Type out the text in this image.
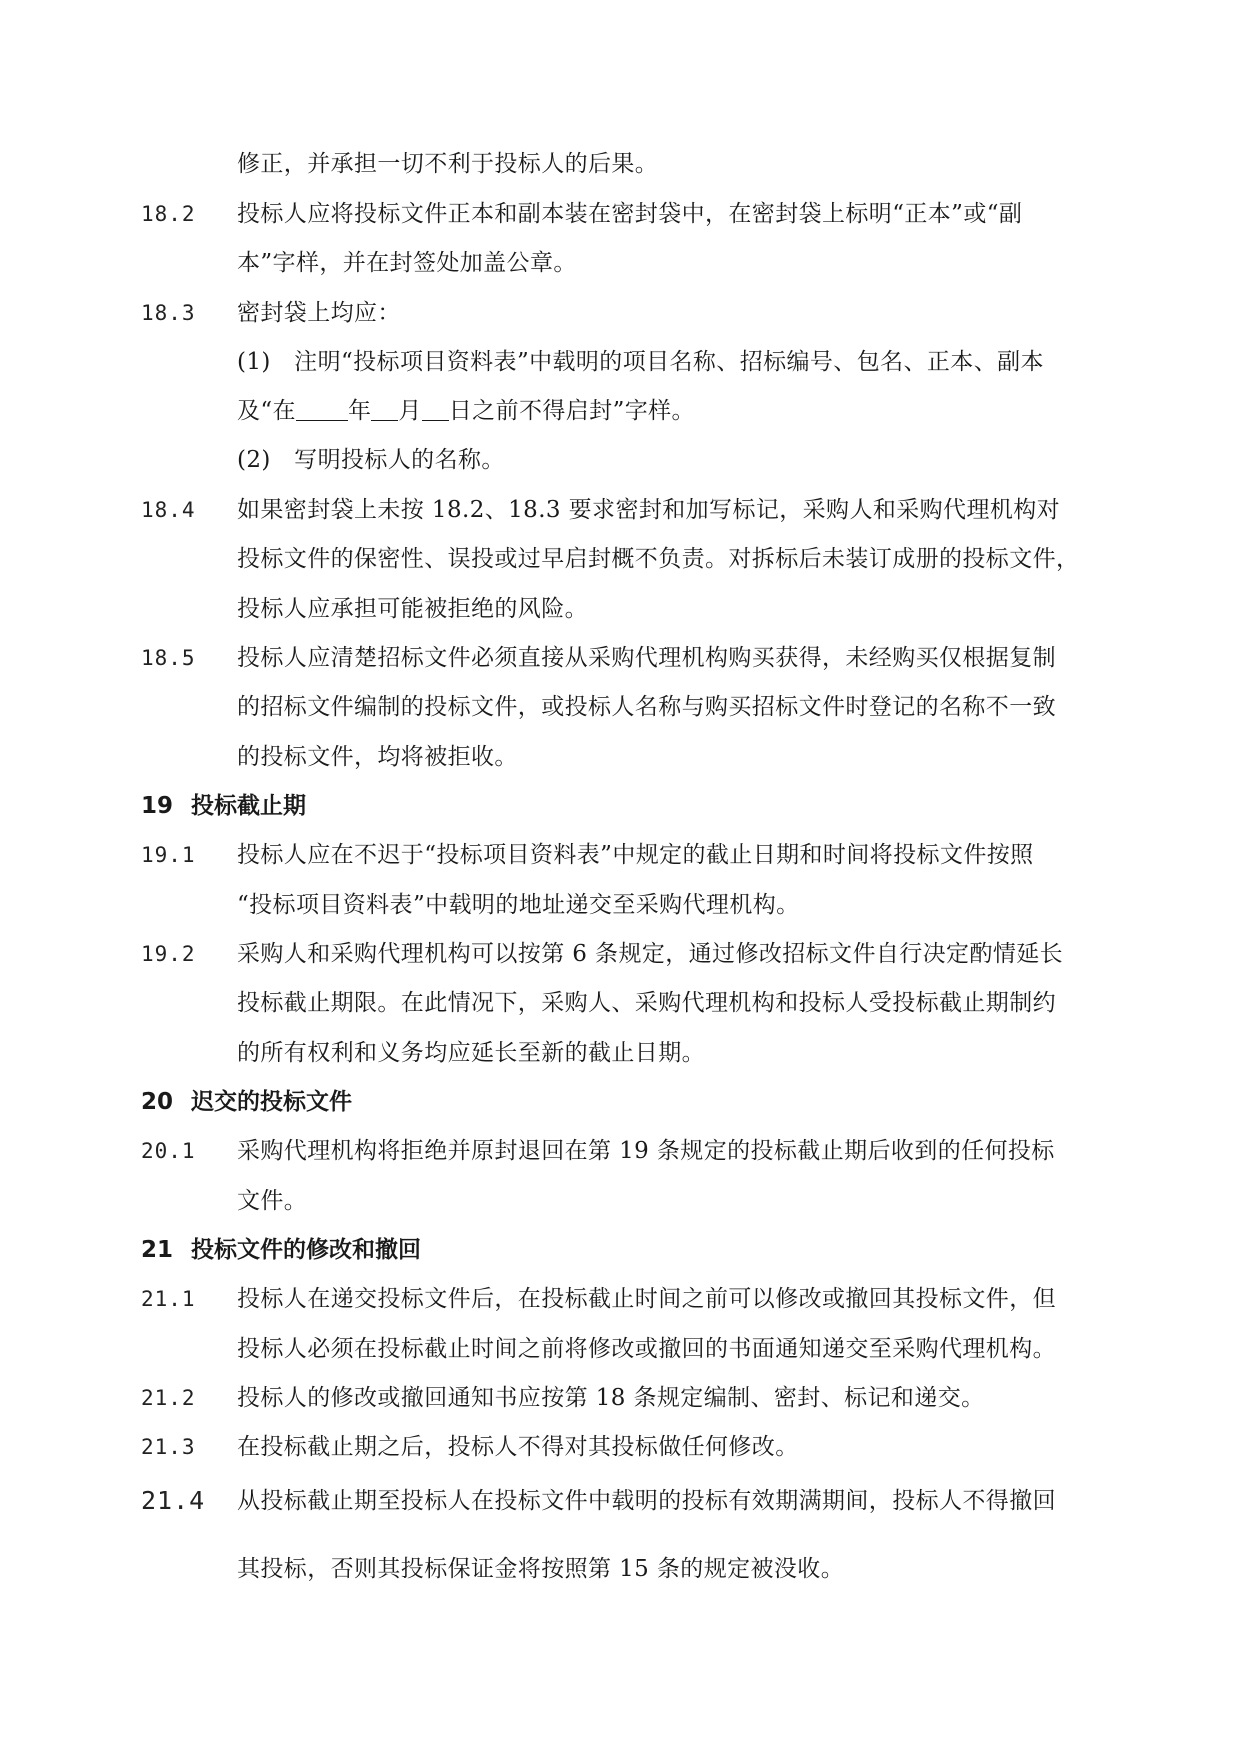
修正，并承担一切不利于投标人的后果。
18.2 投标人应将投标文件正本和副本装在密封袋中，在密封袋上标明“正本”或“副
本”字样，并在封签处加盖公章。
18.3 密封袋上均应：
(1)　注明“投标项目资料表”中载明的项目名称、招标编号、包名、正本、副本
及“在 年 月 日之前不得启封”字样。
(2)　写明投标人的名称。
18.4 如果密封袋上未按 18.2、18.3 要求密封和加写标记，采购人和采购代理机构对
投标文件的保密性、误投或过早启封概不负责。对拆标后未装订成册的投标文件，
投标人应承担可能被拒绝的风险。
18.5 投标人应清楚招标文件必须直接从采购代理机构购买获得，未经购买仅根据复制
的招标文件编制的投标文件，或投标人名称与购买招标文件时登记的名称不一致
的投标文件，均将被拒收。
19 投标截止期
19.1 投标人应在不迟于“投标项目资料表”中规定的截止日期和时间将投标文件按照
“投标项目资料表”中载明的地址递交至采购代理机构。
19.2 采购人和采购代理机构可以按第 6 条规定，通过修改招标文件自行决定酌情延长
投标截止期限。在此情况下，采购人、采购代理机构和投标人受投标截止期制约
的所有权利和义务均应延长至新的截止日期。
20 迟交的投标文件
20.1 采购代理机构将拒绝并原封退回在第 19 条规定的投标截止期后收到的任何投标
文件。
21 投标文件的修改和撤回
21.1 投标人在递交投标文件后，在投标截止时间之前可以修改或撤回其投标文件，但
投标人必须在投标截止时间之前将修改或撤回的书面通知递交至采购代理机构。
21.2 投标人的修改或撤回通知书应按第 18 条规定编制、密封、标记和递交。
21.3 在投标截止期之后，投标人不得对其投标做任何修改。
21.4 从投标截止期至投标人在投标文件中载明的投标有效期满期间，投标人不得撤回
其投标，否则其投标保证金将按照第 15 条的规定被没收。
